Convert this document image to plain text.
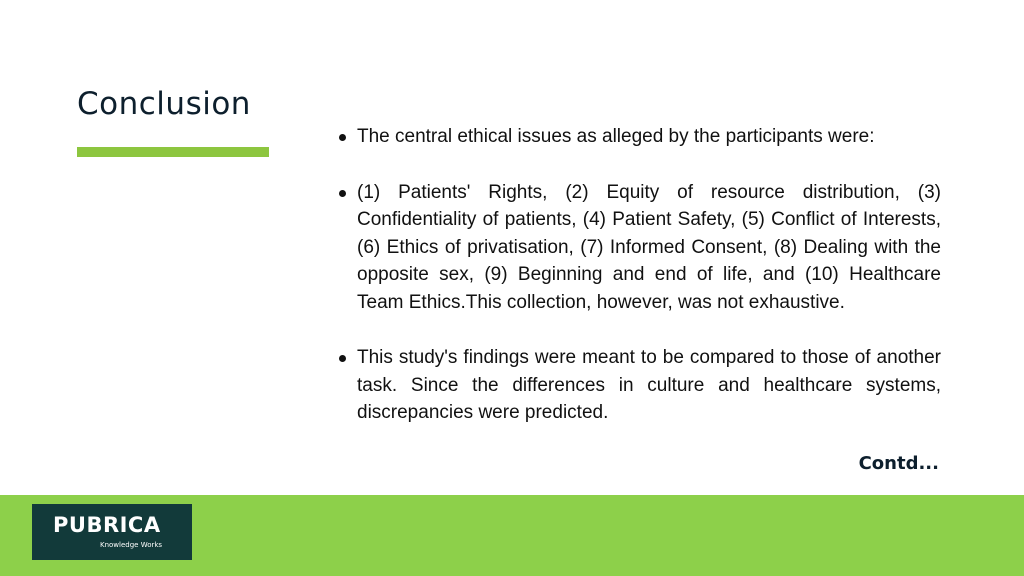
Conclusion
The central ethical issues as alleged by the participants were:
(1) Patients' Rights, (2) Equity of resource distribution, (3) Confidentiality of patients, (4) Patient Safety, (5) Conflict of Interests, (6) Ethics of privatisation, (7) Informed Consent, (8) Dealing with the opposite sex, (9) Beginning and end of life, and (10) Healthcare Team Ethics.This collection, however, was not exhaustive.
This study's findings were meant to be compared to those of another task. Since the differences in culture and healthcare systems, discrepancies were predicted.
Contd...
PUBRICA
Knowledge Works
